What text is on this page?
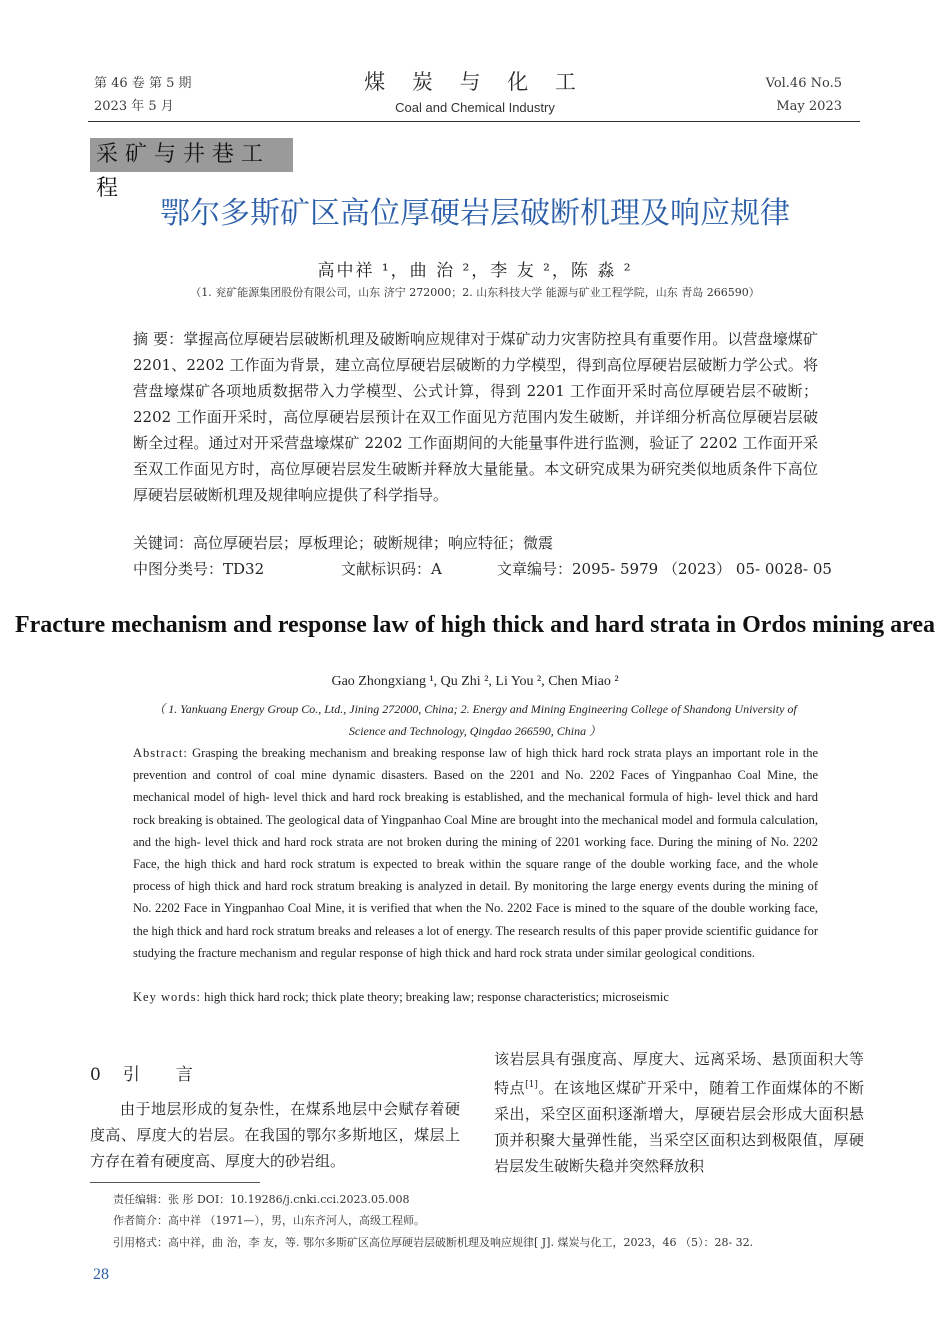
第 46 卷 第 5 期
2023 年 5 月
煤 炭 与 化 工
Coal and Chemical Industry
Vol.46 No.5
May 2023
采矿与井巷工程
鄂尔多斯矿区高位厚硬岩层破断机理及响应规律
高中祥 ¹，曲 治 ²，李 友 ²，陈 淼 ²
（1. 兖矿能源集团股份有限公司，山东 济宁 272000；2. 山东科技大学 能源与矿业工程学院，山东 青岛 266590）
摘 要：掌握高位厚硬岩层破断机理及破断响应规律对于煤矿动力灾害防控具有重要作用。以营盘壕煤矿 2201、2202 工作面为背景，建立高位厚硬岩层破断的力学模型，得到高位厚硬岩层破断力学公式。将营盘壕煤矿各项地质数据带入力学模型、公式计算，得到 2201 工作面开采时高位厚硬岩层不破断；2202 工作面开采时，高位厚硬岩层预计在双工作面见方范围内发生破断，并详细分析高位厚硬岩层破断全过程。通过对开采营盘壕煤矿 2202 工作面期间的大能量事件进行监测，验证了 2202 工作面开采至双工作面见方时，高位厚硬岩层发生破断并释放大量能量。本文研究成果为研究类似地质条件下高位厚硬岩层破断机理及规律响应提供了科学指导。
关键词：高位厚硬岩层；厚板理论；破断规律；响应特征；微震
中图分类号：TD32	文献标识码：A	文章编号：2095- 5979 （2023） 05- 0028- 05
Fracture mechanism and response law of high thick and hard strata in Ordos mining area
Gao Zhongxiang ¹, Qu Zhi ², Li You ², Chen Miao ²
（ 1. Yankuang Energy Group Co., Ltd., Jining 272000, China; 2. Energy and Mining Engineering College of Shandong University of Science and Technology, Qingdao 266590, China ）
Abstract: Grasping the breaking mechanism and breaking response law of high thick hard rock strata plays an important role in the prevention and control of coal mine dynamic disasters. Based on the 2201 and No. 2202 Faces of Yingpanhao Coal Mine, the mechanical model of high- level thick and hard rock breaking is established, and the mechanical formula of high- level thick and hard rock breaking is obtained. The geological data of Yingpanhao Coal Mine are brought into the mechanical model and formula calculation, and the high- level thick and hard rock strata are not broken during the mining of 2201 working face. During the mining of No. 2202 Face, the high thick and hard rock stratum is expected to break within the square range of the double working face, and the whole process of high thick and hard rock stratum breaking is analyzed in detail. By monitoring the large energy events during the mining of No. 2202 Face in Yingpanhao Coal Mine, it is verified that when the No. 2202 Face is mined to the square of the double working face, the high thick and hard rock stratum breaks and releases a lot of energy. The research results of this paper provide scientific guidance for studying the fracture mechanism and regular response of high thick and hard rock strata under similar geological conditions.
Key words: high thick hard rock; thick plate theory; breaking law; response characteristics; microseismic
0 引言
由于地层形成的复杂性，在煤系地层中会赋存着硬度高、厚度大的岩层。在我国的鄂尔多斯地区，煤层上方存在着有硬度高、厚度大的砂岩组。
该岩层具有强度高、厚度大、远离采场、悬顶面积大等特点[1]。在该地区煤矿开采中，随着工作面煤体的不断采出，采空区面积逐渐增大，厚硬岩层会形成大面积悬顶并积聚大量弹性能，当采空区面积达到极限值，厚硬岩层发生破断失稳并突然释放积
责任编辑：张 彤 DOI：10.19286/j.cnki.cci.2023.05.008
作者简介：高中祥 （1971—），男，山东齐河人，高级工程师。
引用格式：高中祥，曲 治，李 友，等. 鄂尔多斯矿区高位厚硬岩层破断机理及响应规律[ J]. 煤炭与化工，2023，46 （5）：28- 32.
28
